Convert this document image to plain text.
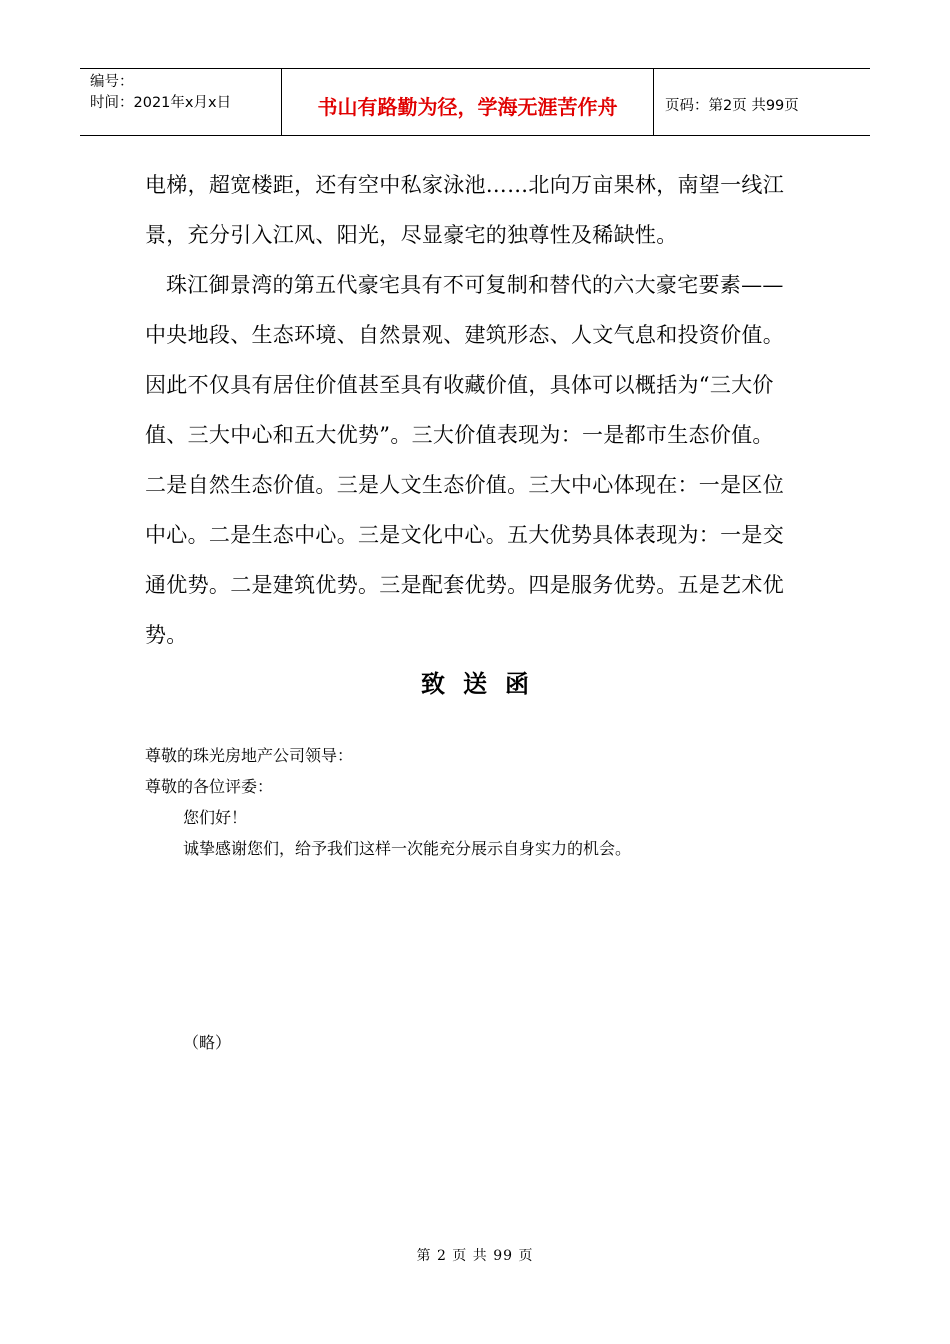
编号：
时间：2021年x月x日	书山有路勤为径，学海无涯苦作舟	页码：第2页 共99页

电梯，超宽楼距，还有空中私家泳池……北向万亩果林，南望一线江景，充分引入江风、阳光，尽显豪宅的独尊性及稀缺性。

珠江御景湾的第五代豪宅具有不可复制和替代的六大豪宅要素——中央地段、生态环境、自然景观、建筑形态、人文气息和投资价值。因此不仅具有居住价值甚至具有收藏价值，具体可以概括为“三大价值、三大中心和五大优势”。三大价值表现为：一是都市生态价值。二是自然生态价值。三是人文生态价值。三大中心体现在：一是区位中心。二是生态中心。三是文化中心。五大优势具体表现为：一是交通优势。二是建筑优势。三是配套优势。四是服务优势。五是艺术优势。

致送函

尊敬的珠光房地产公司领导：

尊敬的各位评委：

您们好！

诚挚感谢您们，给予我们这样一次能充分展示自身实力的机会。

（略）
第 2 页 共 99 页
